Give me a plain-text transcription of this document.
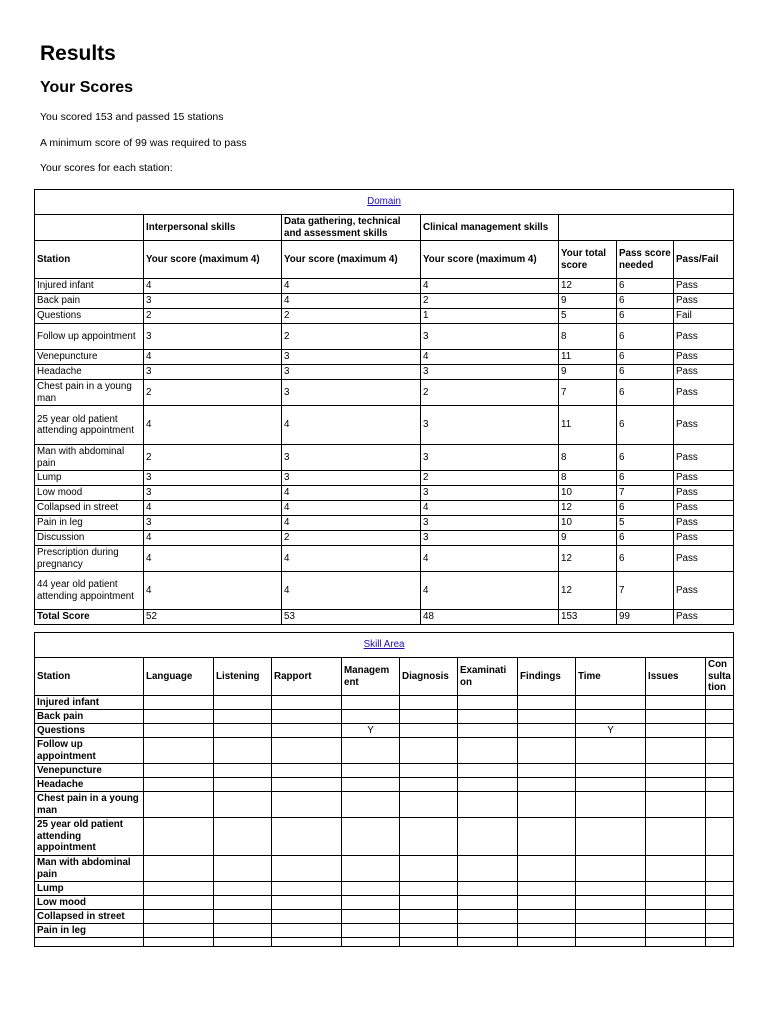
Results
Your Scores

You scored 153 and passed 15 stations

A minimum score of 99 was required to pass

Your scores for each station:

Domain						
	Interpersonal skills	Data gathering, technical and assessment skills	Clinical management skills			
Station	Your score (maximum 4)	Your score (maximum 4)	Your score (maximum 4)	Your total score	Pass score needed	Pass/Fail
Injured infant	4	4	4	12	6	Pass
Back pain	3	4	2	9	6	Pass
Questions	2	2	1	5	6	Fail
Follow up appointment	3	2	3	8	6	Pass
Venepuncture	4	3	4	11	6	Pass
Headache	3	3	3	9	6	Pass
Chest pain in a young man	2	3	2	7	6	Pass
25 year old patient attending appointment	4	4	3	11	6	Pass
Man with abdominal pain	2	3	3	8	6	Pass
Lump	3	3	2	8	6	Pass
Low mood	3	4	3	10	7	Pass
Collapsed in street	4	4	4	12	6	Pass
Pain in leg	3	4	3	10	5	Pass
Discussion	4	2	3	9	6	Pass
Prescription during pregnancy	4	4	4	12	6	Pass
44 year old patient attending appointment	4	4	4	12	7	Pass
Total Score	52	53	48	153	99	Pass
Skill Area										
Station	Language	Listening	Rapport	Managem ent	Diagnosis	Examinati on	Findings	Time	Issues	Con sulta tion
Injured infant										
Back pain										
Questions				Y				Y		
Follow up appointment										
Venepuncture										
Headache										
Chest pain in a young man										
25 year old patient attending appointment										
Man with abdominal pain										
Lump										
Low mood										
Collapsed in street										
Pain in leg										
